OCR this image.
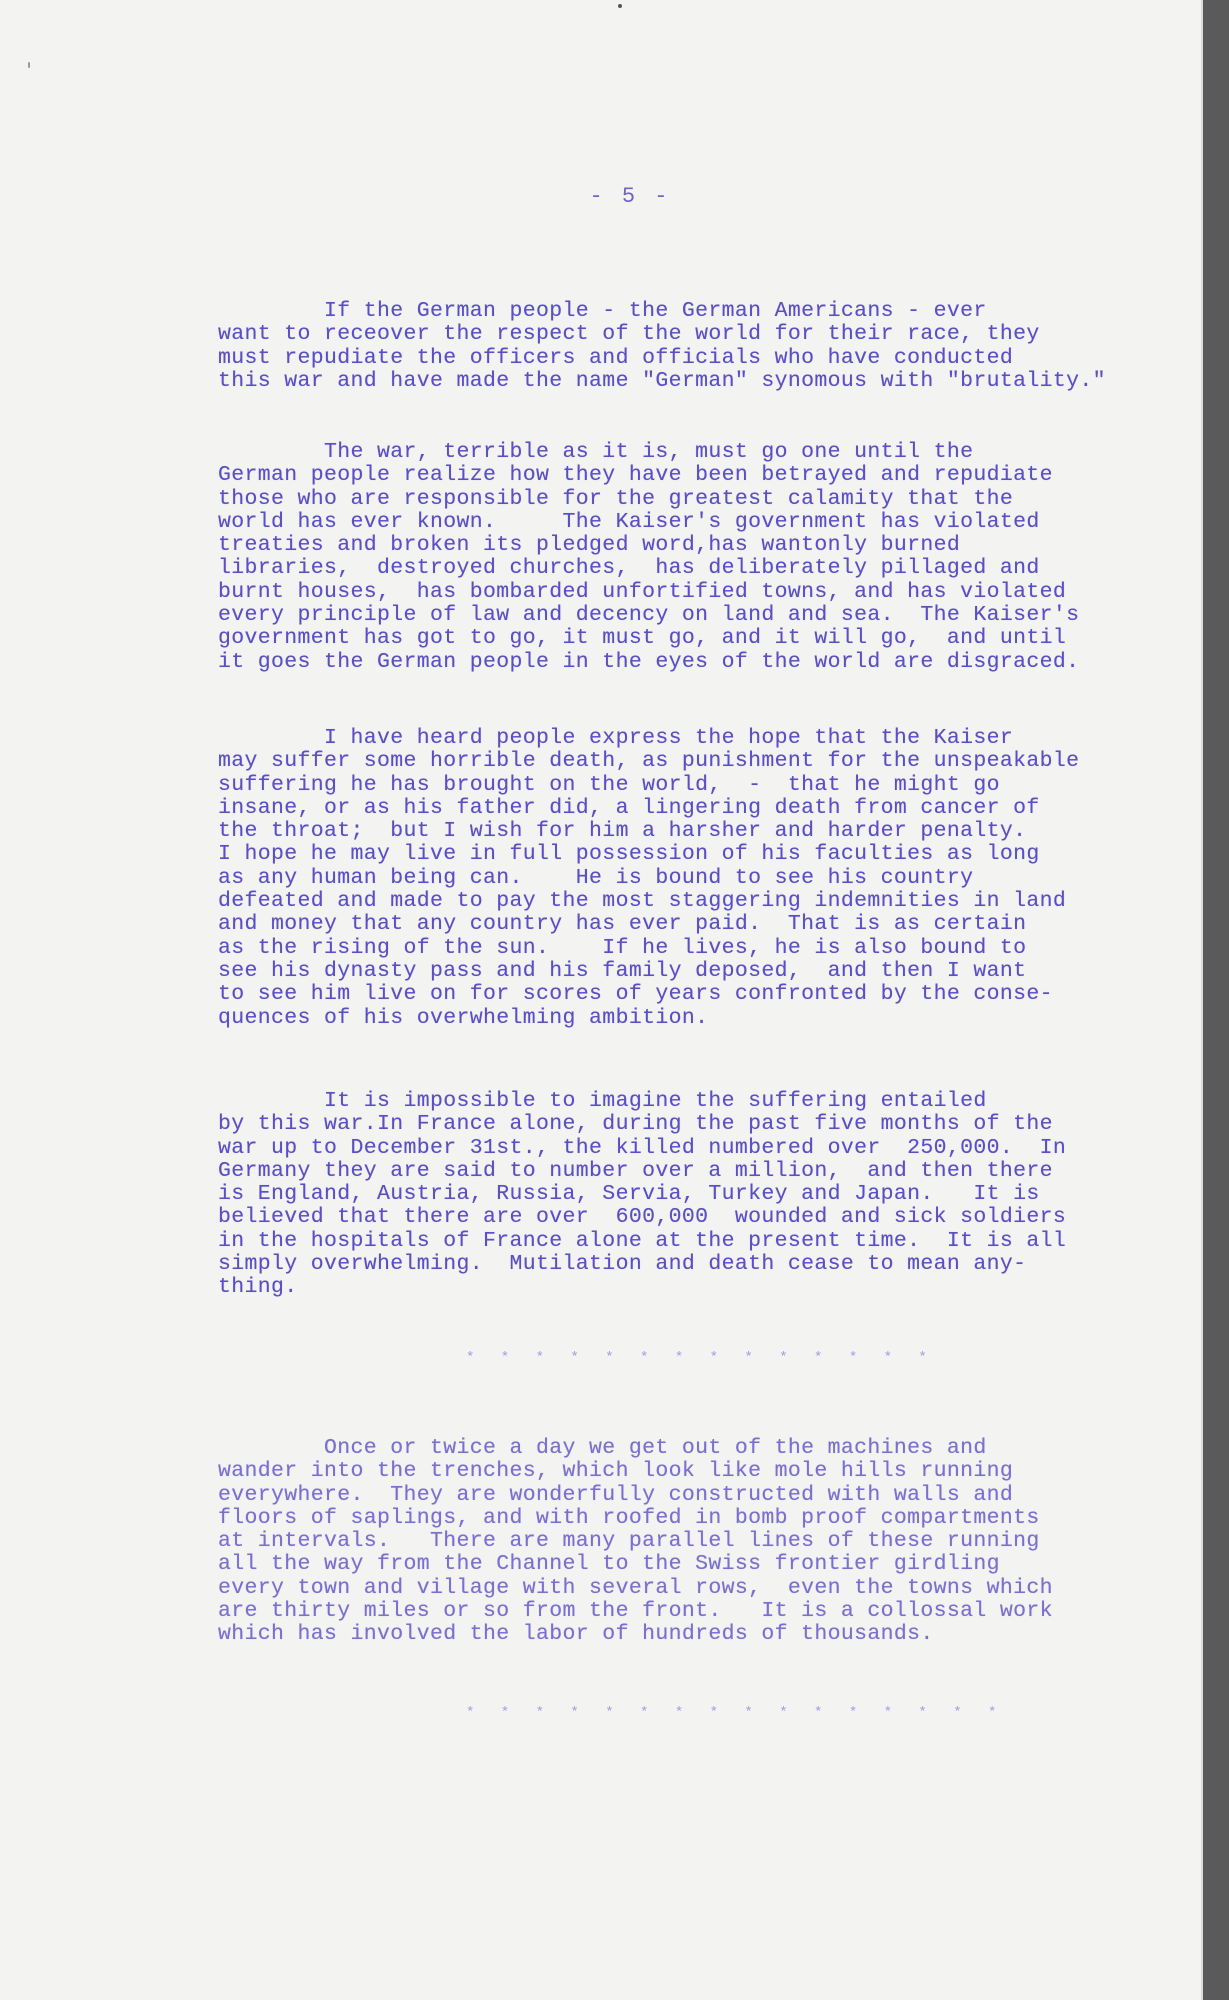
- 5 -

If the German people - the German Americans - ever
want to receover the respect of the world for their race, they
must repudiate the officers and officials who have conducted
this war and have made the name "German" synomous with "brutality."

The war, terrible as it is, must go one until the
German people realize how they have been betrayed and repudiate
those who are responsible for the greatest calamity that the
world has ever known.     The Kaiser's government has violated
treaties and broken its pledged word,has wantonly burned
libraries,  destroyed churches,  has deliberately pillaged and
burnt houses,  has bombarded unfortified towns, and has violated
every principle of law and decency on land and sea.  The Kaiser's
government has got to go, it must go, and it will go,  and until
it goes the German people in the eyes of the world are disgraced.

I have heard people express the hope that the Kaiser
may suffer some horrible death, as punishment for the unspeakable
suffering he has brought on the world,  -  that he might go
insane, or as his father did, a lingering death from cancer of
the throat;  but I wish for him a harsher and harder penalty.
I hope he may live in full possession of his faculties as long
as any human being can.    He is bound to see his country
defeated and made to pay the most staggering indemnities in land
and money that any country has ever paid.  That is as certain
as the rising of the sun.    If he lives, he is also bound to
see his dynasty pass and his family deposed,  and then I want
to see him live on for scores of years confronted by the conse-
quences of his overwhelming ambition.

It is impossible to imagine the suffering entailed
by this war.In France alone, during the past five months of the
war up to December 31st., the killed numbered over  250,000.  In
Germany they are said to number over a million,  and then there
is England, Austria, Russia, Servia, Turkey and Japan.   It is
believed that there are over  600,000  wounded and sick soldiers
in the hospitals of France alone at the present time.  It is all
simply overwhelming.  Mutilation and death cease to mean any-
thing.

* * * * * * * * * * * * * *

Once or twice a day we get out of the machines and
wander into the trenches, which look like mole hills running
everywhere.  They are wonderfully constructed with walls and
floors of saplings, and with roofed in bomb proof compartments
at intervals.   There are many parallel lines of these running
all the way from the Channel to the Swiss frontier girdling
every town and village with several rows,  even the towns which
are thirty miles or so from the front.   It is a collossal work
which has involved the labor of hundreds of thousands.

* * * * * * * * * * * * * * * *
